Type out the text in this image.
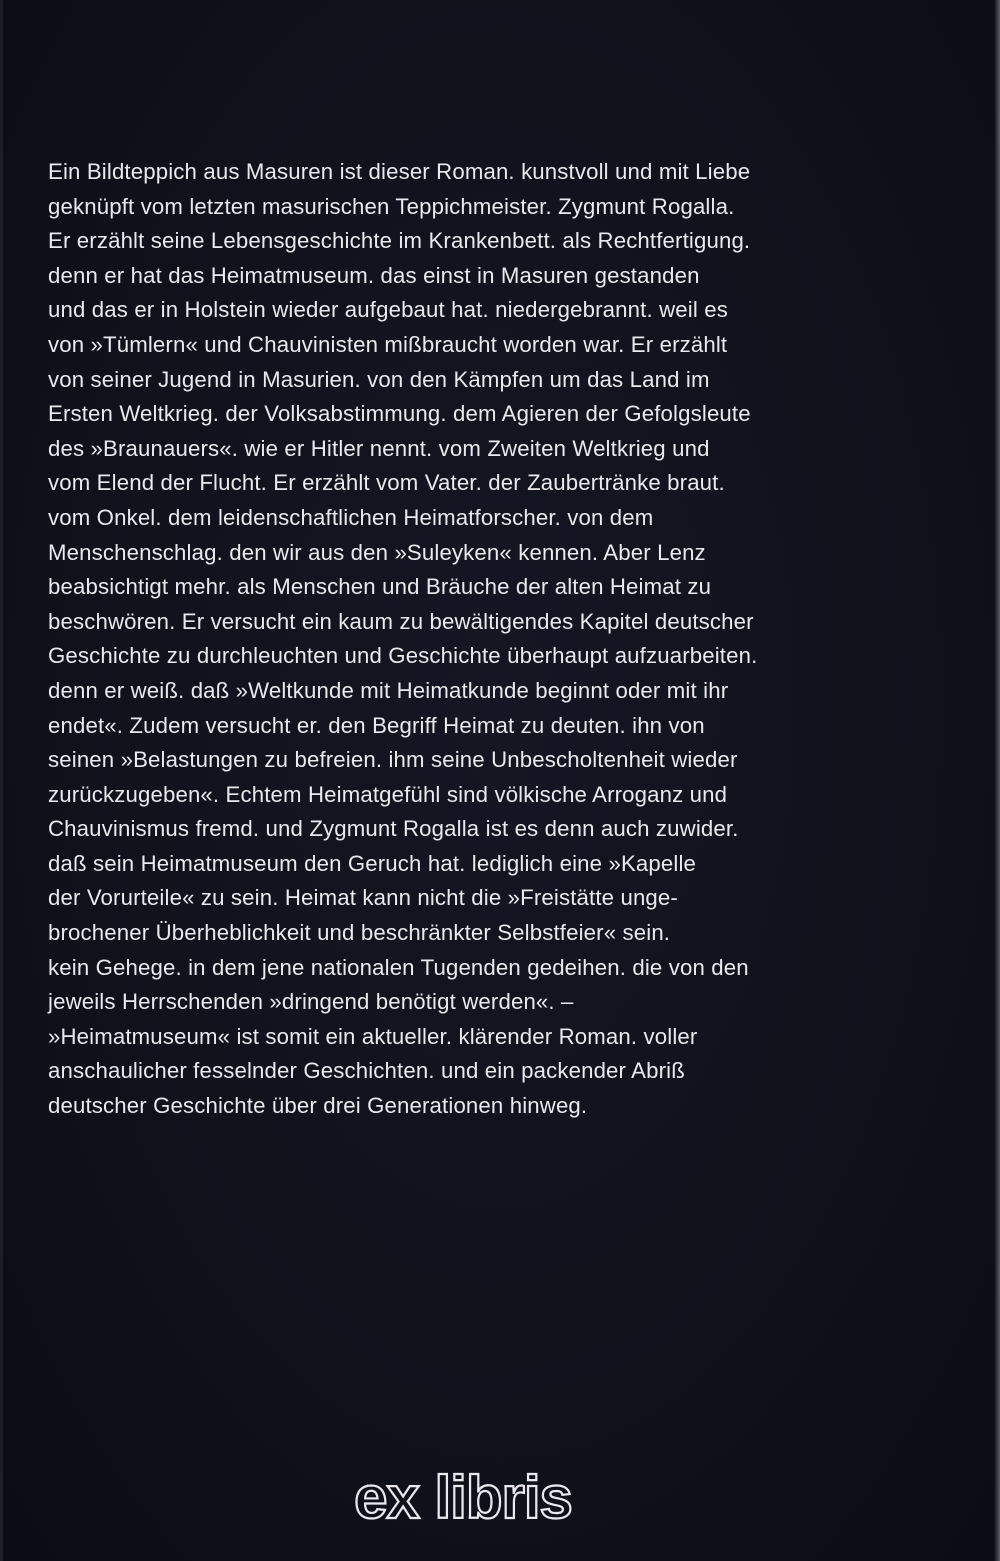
Ein Bildteppich aus Masuren ist dieser Roman. kunstvoll und mit Liebe
geknüpft vom letzten masurischen Teppichmeister. Zygmunt Rogalla.
Er erzählt seine Lebensgeschichte im Krankenbett. als Rechtfertigung.
denn er hat das Heimatmuseum. das einst in Masuren gestanden
und das er in Holstein wieder aufgebaut hat. niedergebrannt. weil es
von »Tümlern« und Chauvinisten mißbraucht worden war. Er erzählt
von seiner Jugend in Masurien. von den Kämpfen um das Land im
Ersten Weltkrieg. der Volksabstimmung. dem Agieren der Gefolgsleute
des »Braunauers«. wie er Hitler nennt. vom Zweiten Weltkrieg und
vom Elend der Flucht. Er erzählt vom Vater. der Zaubertränke braut.
vom Onkel. dem leidenschaftlichen Heimatforscher. von dem
Menschenschlag. den wir aus den »Suleyken« kennen. Aber Lenz
beabsichtigt mehr. als Menschen und Bräuche der alten Heimat zu
beschwören. Er versucht ein kaum zu bewältigendes Kapitel deutscher
Geschichte zu durchleuchten und Geschichte überhaupt aufzuarbeiten.
denn er weiß. daß »Weltkunde mit Heimatkunde beginnt oder mit ihr
endet«. Zudem versucht er. den Begriff Heimat zu deuten. ihn von
seinen »Belastungen zu befreien. ihm seine Unbescholtenheit wieder
zurückzugeben«. Echtem Heimatgefühl sind völkische Arroganz und
Chauvinismus fremd. und Zygmunt Rogalla ist es denn auch zuwider.
daß sein Heimatmuseum den Geruch hat. lediglich eine »Kapelle
der Vorurteile« zu sein. Heimat kann nicht die »Freistätte unge-
brochener Überheblichkeit und beschränkter Selbstfeier« sein.
kein Gehege. in dem jene nationalen Tugenden gedeihen. die von den
jeweils Herrschenden »dringend benötigt werden«. –
»Heimatmuseum« ist somit ein aktueller. klärender Roman. voller
anschaulicher fesselnder Geschichten. und ein packender Abriß
deutscher Geschichte über drei Generationen hinweg.
ex libris
